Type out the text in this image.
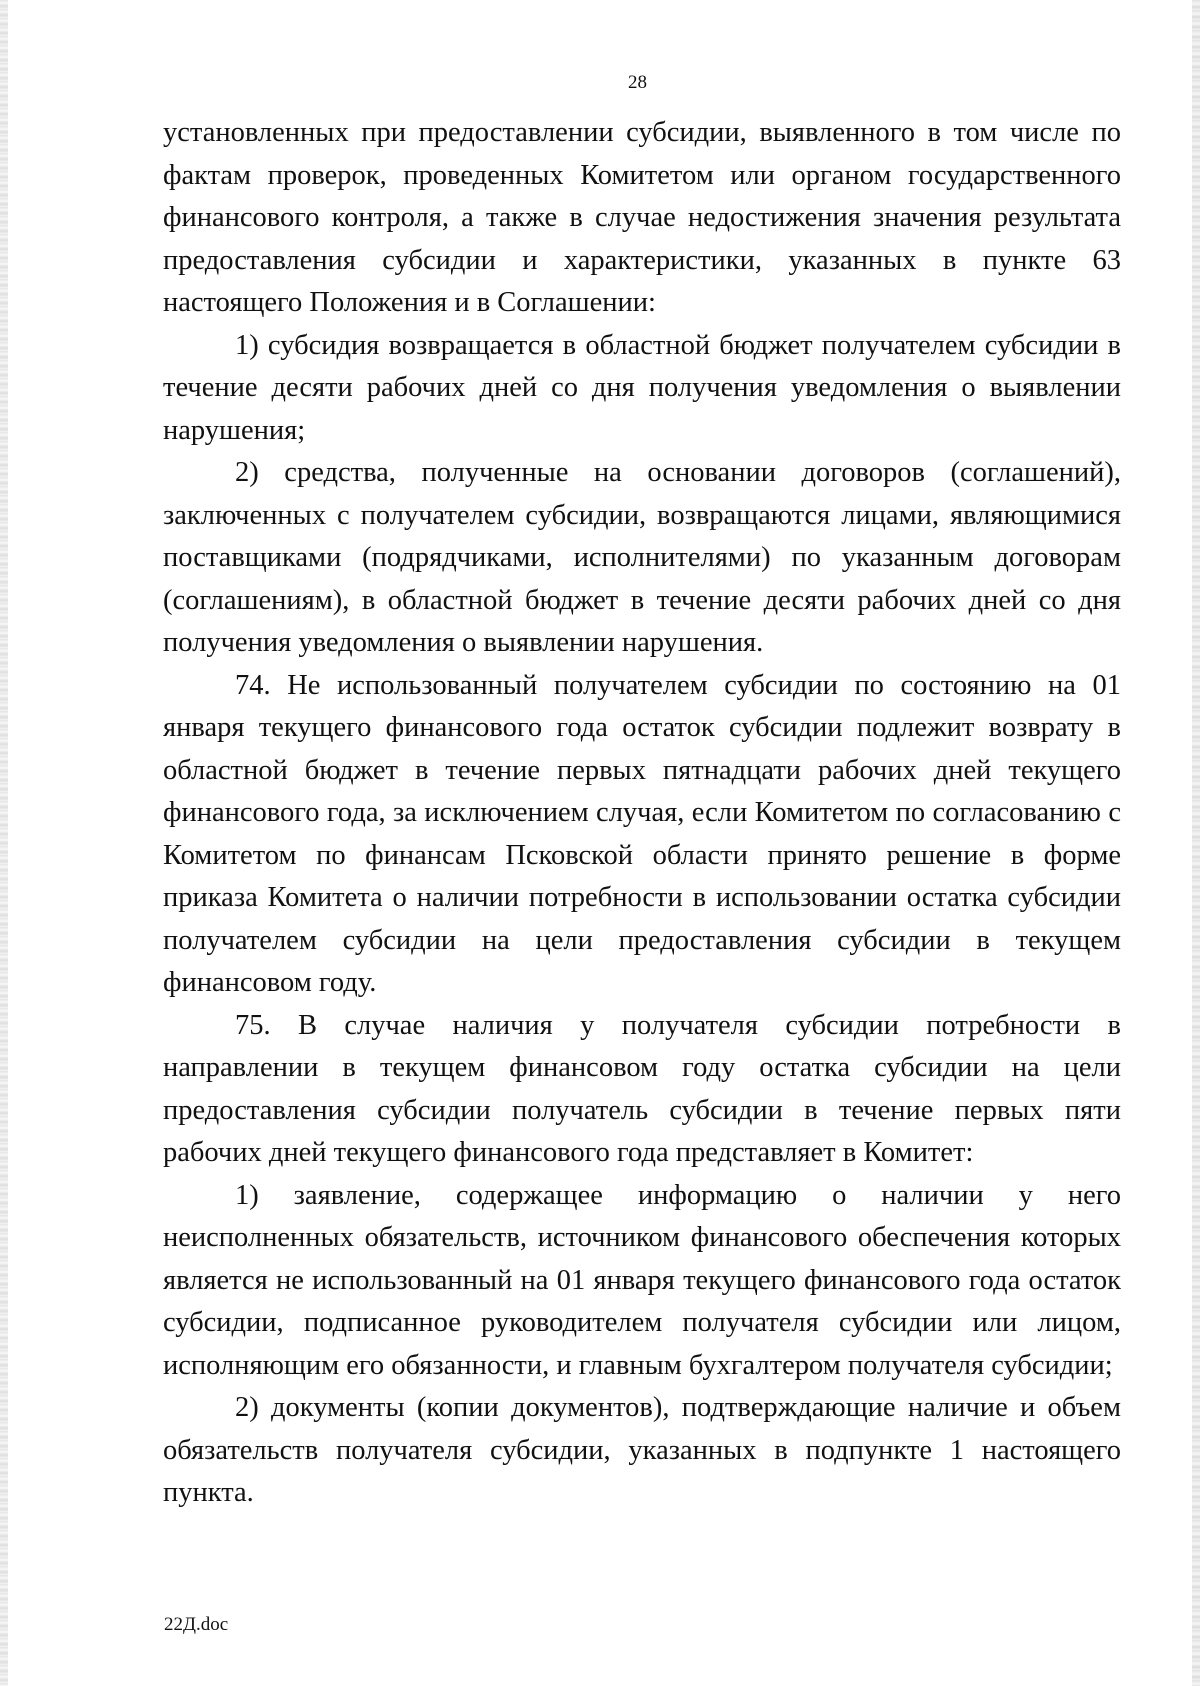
28

установленных при предоставлении субсидии, выявленного в том числе по фактам проверок, проведенных Комитетом или органом государственного финансового контроля, а также в случае недостижения значения результата предоставления субсидии и характеристики, указанных в пункте 63 настоящего Положения и в Соглашении:

1) субсидия возвращается в областной бюджет получателем субсидии в течение десяти рабочих дней со дня получения уведомления о выявлении нарушения;

2) средства, полученные на основании договоров (соглашений), заключенных с получателем субсидии, возвращаются лицами, являющимися поставщиками (подрядчиками, исполнителями) по указанным договорам (соглашениям), в областной бюджет в течение десяти рабочих дней со дня получения уведомления о выявлении нарушения.

74. Не использованный получателем субсидии по состоянию на 01 января текущего финансового года остаток субсидии подлежит возврату в областной бюджет в течение первых пятнадцати рабочих дней текущего финансового года, за исключением случая, если Комитетом по согласованию с Комитетом по финансам Псковской области принято решение в форме приказа Комитета о наличии потребности в использовании остатка субсидии получателем субсидии на цели предоставления субсидии в текущем финансовом году.

75. В случае наличия у получателя субсидии потребности в направлении в текущем финансовом году остатка субсидии на цели предоставления субсидии получатель субсидии в течение первых пяти рабочих дней текущего финансового года представляет в Комитет:

1) заявление, содержащее информацию о наличии у него неисполненных обязательств, источником финансового обеспечения которых является не использованный на 01 января текущего финансового года остаток субсидии, подписанное руководителем получателя субсидии или лицом, исполняющим его обязанности, и главным бухгалтером получателя субсидии;

2) документы (копии документов), подтверждающие наличие и объем обязательств получателя субсидии, указанных в подпункте 1 настоящего пункта.

22Д.doc
